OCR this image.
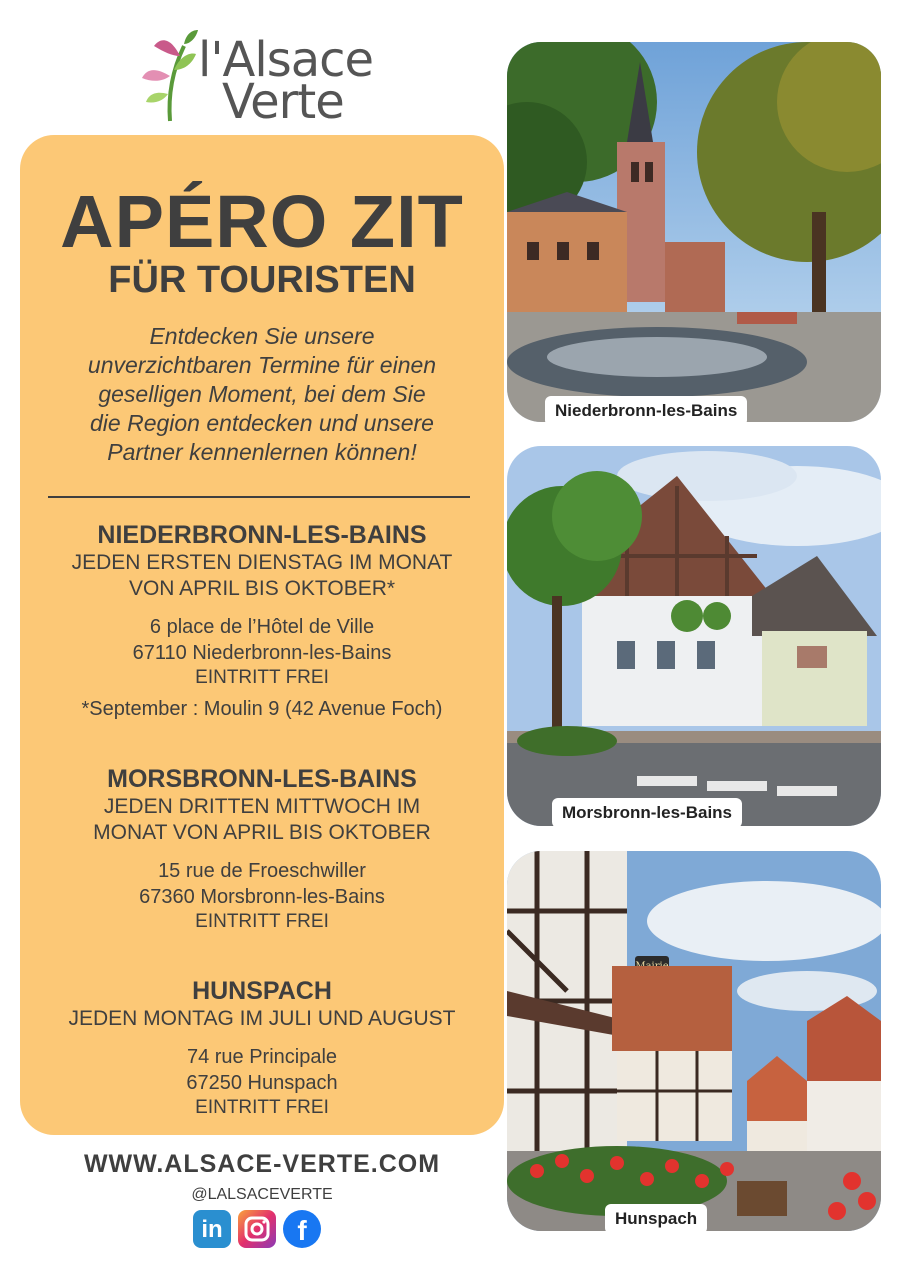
l'Alsace
Verte
APÉRO ZIT
FÜR TOURISTEN
Entdecken Sie unsere unverzichtbaren Termine für einen geselligen Moment, bei dem Sie die Region entdecken und unsere Partner kennenlernen können!
NIEDERBRONN-LES-BAINS
JEDEN ERSTEN DIENSTAG IM MONAT
VON APRIL BIS OKTOBER*
6 place de l’Hôtel de Ville
67110 Niederbronn-les-Bains
EINTRITT FREI
*September : Moulin 9 (42 Avenue Foch)
MORSBRONN-LES-BAINS
JEDEN DRITTEN MITTWOCH IM
MONAT VON APRIL BIS OKTOBER
15 rue de Froeschwiller
67360 Morsbronn-les-Bains
EINTRITT FREI
HUNSPACH
JEDEN MONTAG IM JULI UND AUGUST
74 rue Principale
67250 Hunspach
EINTRITT FREI
Niederbronn-les-Bains
Morsbronn-les-Bains
Hunspach
WWW.ALSACE-VERTE.COM
@LALSACEVERTE
in	f
